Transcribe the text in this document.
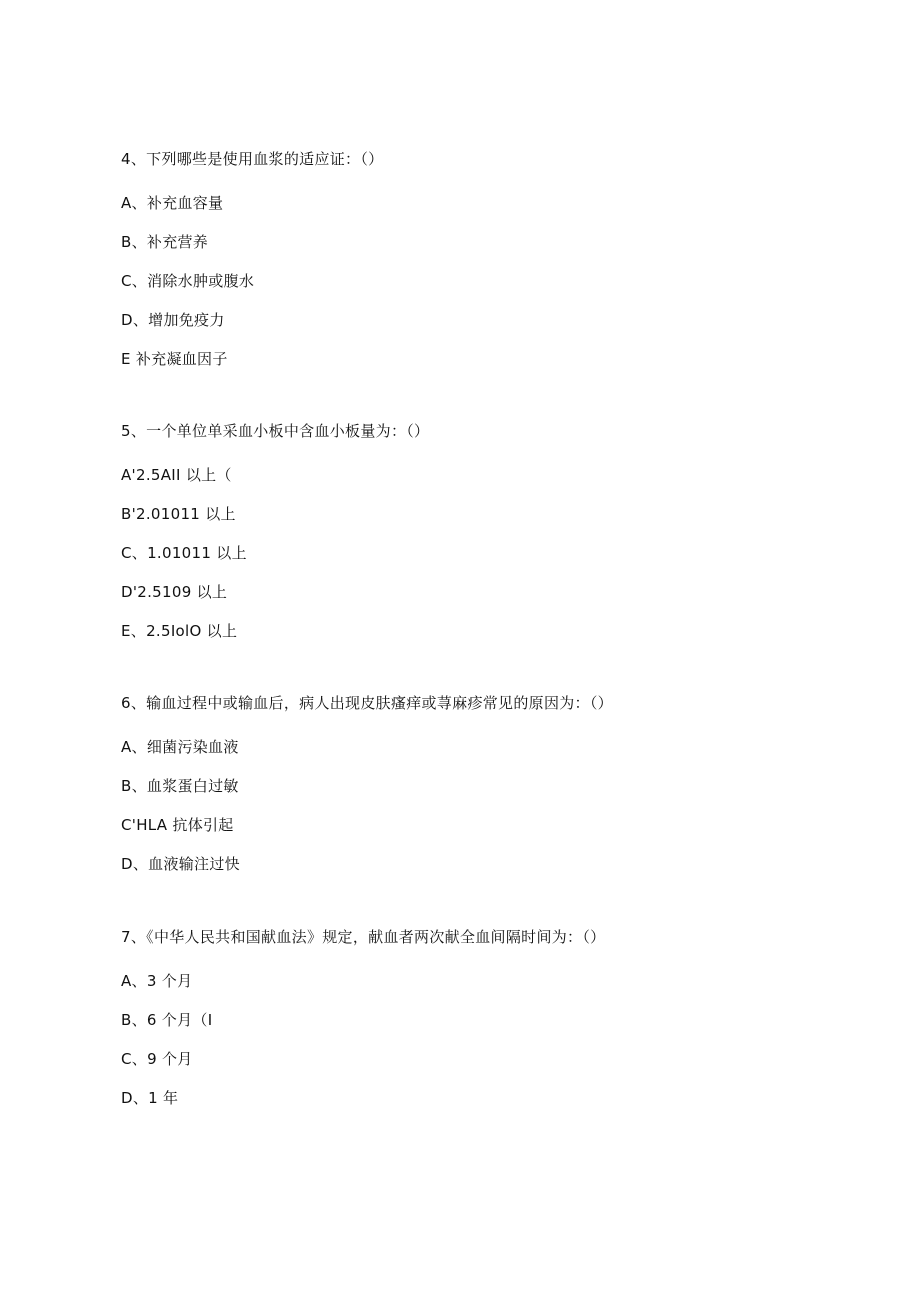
4、下列哪些是使用血浆的适应证：（）
A、补充血容量
B、补充营养
C、消除水肿或腹水
D、增加免疫力
E 补充凝血因子
5、一个单位单采血小板中含血小板量为：（）
A'2.5AII 以上（
B'2.01011 以上
C、1.01011 以上
D'2.5109 以上
E、2.5IolO 以上
6、输血过程中或输血后，病人出现皮肤瘙痒或荨麻疹常见的原因为：（）
A、细菌污染血液
B、血浆蛋白过敏
C'HLA 抗体引起
D、血液输注过快
7、《中华人民共和国献血法》规定，献血者两次献全血间隔时间为：（）
A、3 个月
B、6 个月（I
C、9 个月
D、1 年
